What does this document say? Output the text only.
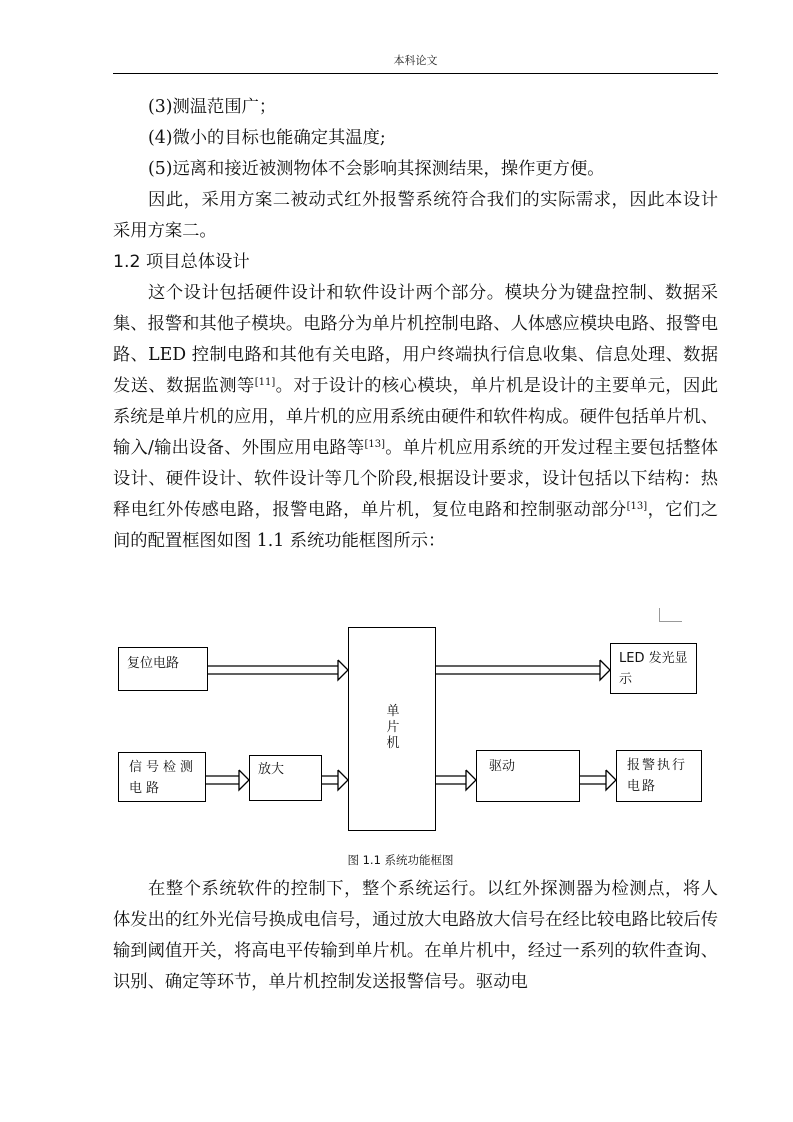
本科论文

(3)测温范围广；

(4)微小的目标也能确定其温度;

(5)远离和接近被测物体不会影响其探测结果，操作更方便。

因此，采用方案二被动式红外报警系统符合我们的实际需求，因此本设计采用方案二。

1.2 项目总体设计

这个设计包括硬件设计和软件设计两个部分。模块分为键盘控制、数据采集、报警和其他子模块。电路分为单片机控制电路、人体感应模块电路、报警电路、LED 控制电路和其他有关电路，用户终端执行信息收集、信息处理、数据发送、数据监测等[11]。对于设计的核心模块，单片机是设计的主要单元，因此系统是单片机的应用，单片机的应用系统由硬件和软件构成。硬件包括单片机、输入/输出设备、外围应用电路等[13]。单片机应用系统的开发过程主要包括整体设计、硬件设计、软件设计等几个阶段,根据设计要求，设计包括以下结构：热释电红外传感电路，报警电路，单片机，复位电路和控制驱动部分[13]，它们之间的配置框图如图 1.1 系统功能框图所示：

复位电路
信号检测电路
放大
单片机
LED 发光显示
驱动	报警执行电路
图 1.1 系统功能框图

在整个系统软件的控制下，整个系统运行。以红外探测器为检测点，将人体发出的红外光信号换成电信号，通过放大电路放大信号在经比较电路比较后传输到阈值开关，将高电平传输到单片机。在单片机中，经过一系列的软件查询、识别、确定等环节，单片机控制发送报警信号。驱动电
